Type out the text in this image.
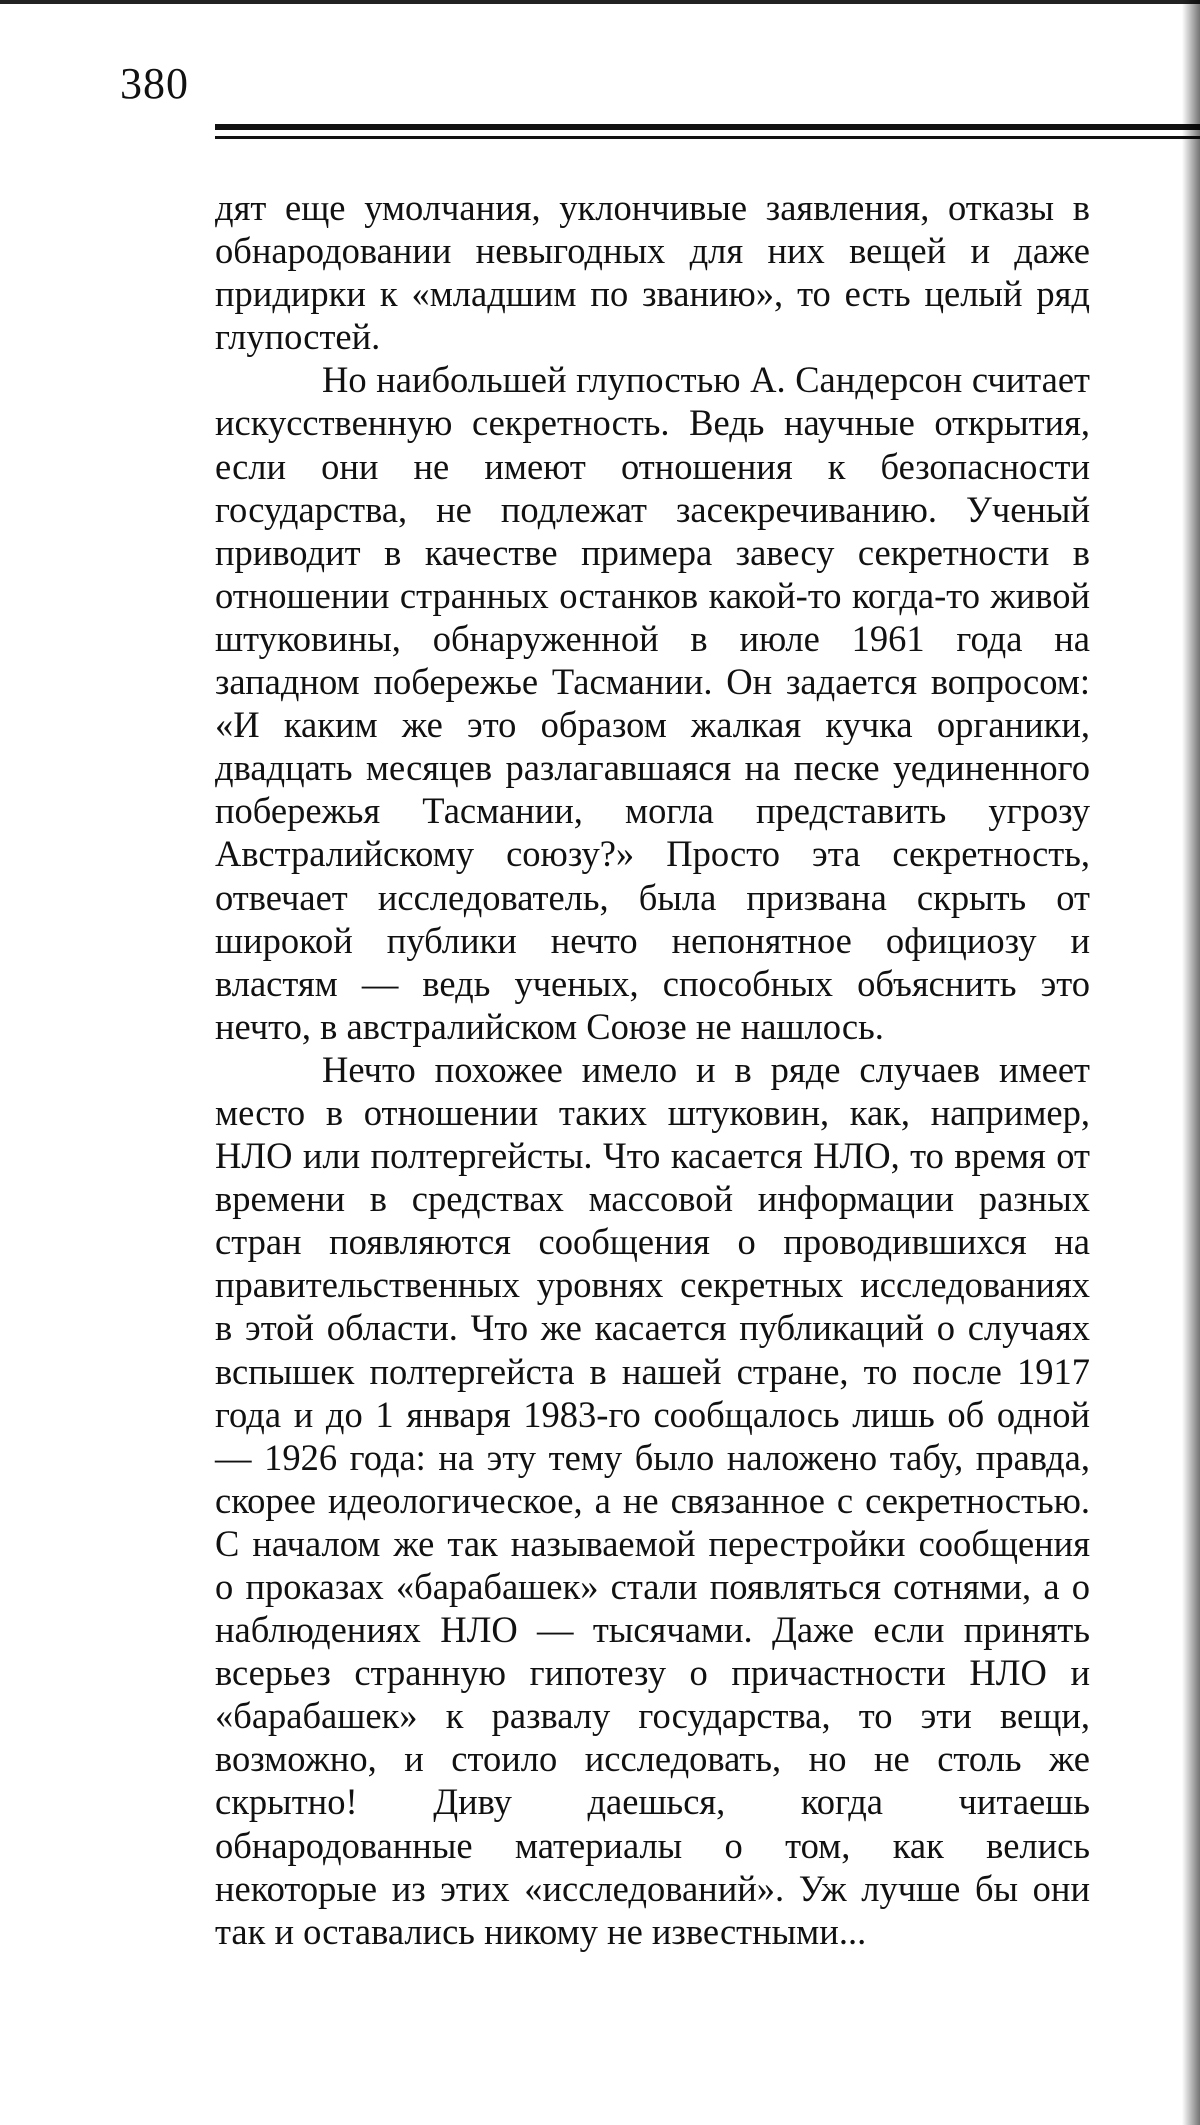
380

дят еще умолчания, уклончивые заявления, отказы в обнародовании невыгодных для них вещей и даже придирки к «младшим по званию», то есть целый ряд глупостей.

Но наибольшей глупостью А. Сандерсон считает искусственную секретность. Ведь научные открытия, если они не имеют отношения к безопасности государства, не подлежат засекречиванию. Ученый приводит в качестве примера завесу секретности в отношении странных останков какой-то когда-то живой штуковины, обнаруженной в июле 1961 года на западном побережье Тасмании. Он задается вопросом: «И каким же это образом жалкая кучка органики, двадцать месяцев разлагавшаяся на песке уединенного побережья Тасмании, могла представить угрозу Австралийскому союзу?» Просто эта секретность, отвечает исследователь, была призвана скрыть от широкой публики нечто непонятное официозу и властям — ведь ученых, способных объяснить это нечто, в австралийском Союзе не нашлось.

Нечто похожее имело и в ряде случаев имеет место в отношении таких штуковин, как, например, НЛО или полтергейсты. Что касается НЛО, то время от времени в средствах массовой информации разных стран появляются сообщения о проводившихся на правительственных уровнях секретных исследованиях в этой области. Что же касается публикаций о случаях вспышек полтергейста в нашей стране, то после 1917 года и до 1 января 1983-го сообщалось лишь об одной — 1926 года: на эту тему было наложено табу, правда, скорее идеологическое, а не связанное с секретностью. С началом же так называемой перестройки сообщения о проказах «барабашек» стали появляться сотнями, а о наблюдениях НЛО — тысячами. Даже если принять всерьез странную гипотезу о причастности НЛО и «барабашек» к развалу государства, то эти вещи, возможно, и стоило исследовать, но не столь же скрытно! Диву даешься, когда читаешь обнародованные материалы о том, как велись некоторые из этих «исследований». Уж лучше бы они так и оставались никому не известными...
